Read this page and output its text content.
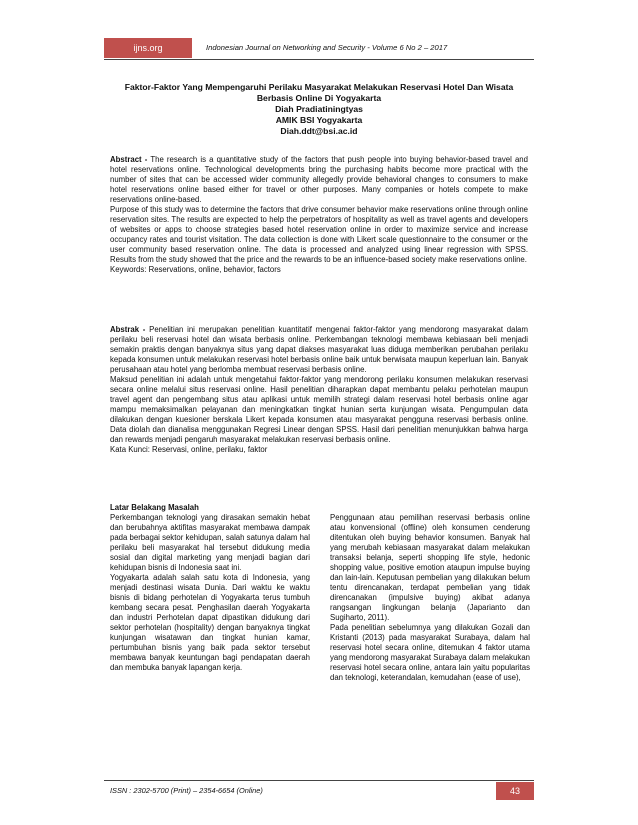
ijns.org	Indonesian Journal on Networking and Security - Volume 6 No 2 – 2017
Faktor-Faktor Yang Mempengaruhi Perilaku Masyarakat Melakukan Reservasi Hotel Dan Wisata
Berbasis Online Di Yogyakarta
Diah Pradiatiningtyas
AMIK BSI Yogyakarta
Diah.ddt@bsi.ac.id

Abstract - The research is a quantitative study of the factors that push people into buying behavior-based travel and hotel reservations online. Technological developments bring the purchasing habits become more practical with the number of sites that can be accessed wider community allegedly provide behavioral changes to consumers to make hotel reservations online based either for travel or other purposes. Many companies or hotels compete to make reservations online-based.

Purpose of this study was to determine the factors that drive consumer behavior make reservations online through online reservation sites. The results are expected to help the perpetrators of hospitality as well as travel agents and developers of websites or apps to choose strategies based hotel reservation online in order to maximize service and increase occupancy rates and tourist visitation. The data collection is done with Likert scale questionnaire to the consumer or the user community based reservation online. The data is processed and analyzed using linear regression with SPSS. Results from the study showed that the price and the rewards to be an influence-based society make reservations online.

Keywords: Reservations, online, behavior, factors

Abstrak - Penelitian ini merupakan penelitian kuantitatif mengenai faktor-faktor yang mendorong masyarakat dalam perilaku beli reservasi hotel dan wisata berbasis online. Perkembangan teknologi membawa kebiasaan beli menjadi semakin praktis dengan banyaknya situs yang dapat diakses masyarakat luas diduga memberikan perubahan perilaku kepada konsumen untuk melakukan reservasi hotel berbasis online baik untuk berwisata maupun keperluan lain. Banyak perusahaan atau hotel yang berlomba membuat reservasi berbasis online.

Maksud penelitian ini adalah untuk mengetahui faktor-faktor yang mendorong perilaku konsumen melakukan reservasi secara online melalui situs reservasi online. Hasil penelitian diharapkan dapat membantu pelaku perhotelan maupun travel agent dan pengembang situs atau aplikasi untuk memilih strategi dalam reservasi hotel berbasis online agar mampu memaksimalkan pelayanan dan meningkatkan tingkat hunian serta kunjungan wisata. Pengumpulan data dilakukan dengan kuesioner berskala Likert kepada konsumen atau masyarakat pengguna reservasi berbasis online. Data diolah dan dianalisa menggunakan Regresi Linear dengan SPSS. Hasil dari penelitian menunjukkan bahwa harga dan rewards menjadi pengaruh masyarakat melakukan reservasi berbasis online.

Kata Kunci: Reservasi, online, perilaku, faktor

Latar Belakang Masalah

Perkembangan teknologi yang dirasakan semakin hebat dan berubahnya aktifitas masyarakat membawa dampak pada berbagai sektor kehidupan, salah satunya dalam hal perilaku beli masyarakat hal tersebut didukung media sosial dan digital marketing yang menjadi bagian dari kehidupan bisnis di Indonesia saat ini.

Yogyakarta adalah salah satu kota di Indonesia, yang menjadi destinasi wisata Dunia. Dari waktu ke waktu bisnis di bidang perhotelan di Yogyakarta terus tumbuh kembang secara pesat. Penghasilan daerah Yogyakarta dan industri Perhotelan dapat dipastikan didukung dari sektor perhotelan (hospitality) dengan banyaknya tingkat kunjungan wisatawan dan tingkat hunian kamar, pertumbuhan bisnis yang baik pada sektor tersebut membawa banyak keuntungan bagi pendapatan daerah dan membuka banyak lapangan kerja.

Penggunaan atau pemilihan reservasi berbasis online atau konvensional (offline) oleh konsumen cenderung ditentukan oleh buying behavior konsumen. Banyak hal yang merubah kebiasaan masyarakat dalam melakukan transaksi belanja, seperti shopping life style, hedonic shopping value, positive emotion ataupun impulse buying dan lain-lain. Keputusan pembelian yang dilakukan belum tentu direncanakan, terdapat pembelian yang tidak direncanakan (impulsive buying) akibat adanya rangsangan lingkungan belanja (Japarianto dan Sugiharto, 2011).

Pada penelitian sebelumnya yang dilakukan Gozali dan Kristanti (2013) pada masyarakat Surabaya, dalam hal reservasi hotel secara online, ditemukan 4 faktor utama yang mendorong masyarakat Surabaya dalam melakukan reservasi hotel secara online, antara lain yaitu popularitas dan teknologi, keterandalan, kemudahan (ease of use),

ISSN : 2302-5700 (Print) – 2354-6654 (Online)	43
